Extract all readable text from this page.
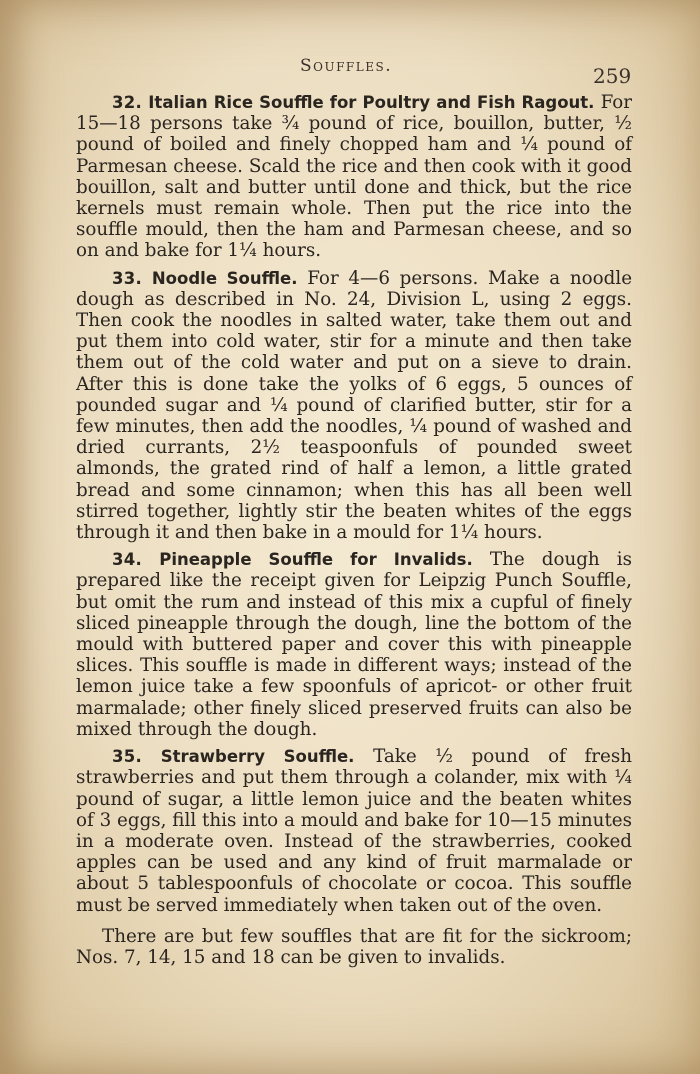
Souffles.	259

32. Italian Rice Souffle for Poultry and Fish Ragout. For 15—18 persons take ¾ pound of rice, bouillon, butter, ½ pound of boiled and finely chopped ham and ¼ pound of Parmesan cheese. Scald the rice and then cook with it good bouillon, salt and butter until done and thick, but the rice kernels must remain whole. Then put the rice into the souffle mould, then the ham and Parmesan cheese, and so on and bake for 1¼ hours.

33. Noodle Souffle. For 4—6 persons. Make a noodle dough as described in No. 24, Division L, using 2 eggs. Then cook the noodles in salted water, take them out and put them into cold water, stir for a minute and then take them out of the cold water and put on a sieve to drain. After this is done take the yolks of 6 eggs, 5 ounces of pounded sugar and ¼ pound of clarified butter, stir for a few minutes, then add the noodles, ¼ pound of washed and dried currants, 2½ teaspoonfuls of pounded sweet almonds, the grated rind of half a lemon, a little grated bread and some cinnamon; when this has all been well stirred together, lightly stir the beaten whites of the eggs through it and then bake in a mould for 1¼ hours.

34. Pineapple Souffle for Invalids. The dough is prepared like the receipt given for Leipzig Punch Souffle, but omit the rum and instead of this mix a cupful of finely sliced pineapple through the dough, line the bottom of the mould with buttered paper and cover this with pineapple slices. This souffle is made in different ways; instead of the lemon juice take a few spoonfuls of apricot- or other fruit marmalade; other finely sliced preserved fruits can also be mixed through the dough.

35. Strawberry Souffle. Take ½ pound of fresh strawberries and put them through a colander, mix with ¼ pound of sugar, a little lemon juice and the beaten whites of 3 eggs, fill this into a mould and bake for 10—15 minutes in a moderate oven. Instead of the strawberries, cooked apples can be used and any kind of fruit marmalade or about 5 tablespoonfuls of chocolate or cocoa. This souffle must be served immediately when taken out of the oven.

There are but few souffles that are fit for the sickroom; Nos. 7, 14, 15 and 18 can be given to invalids.
